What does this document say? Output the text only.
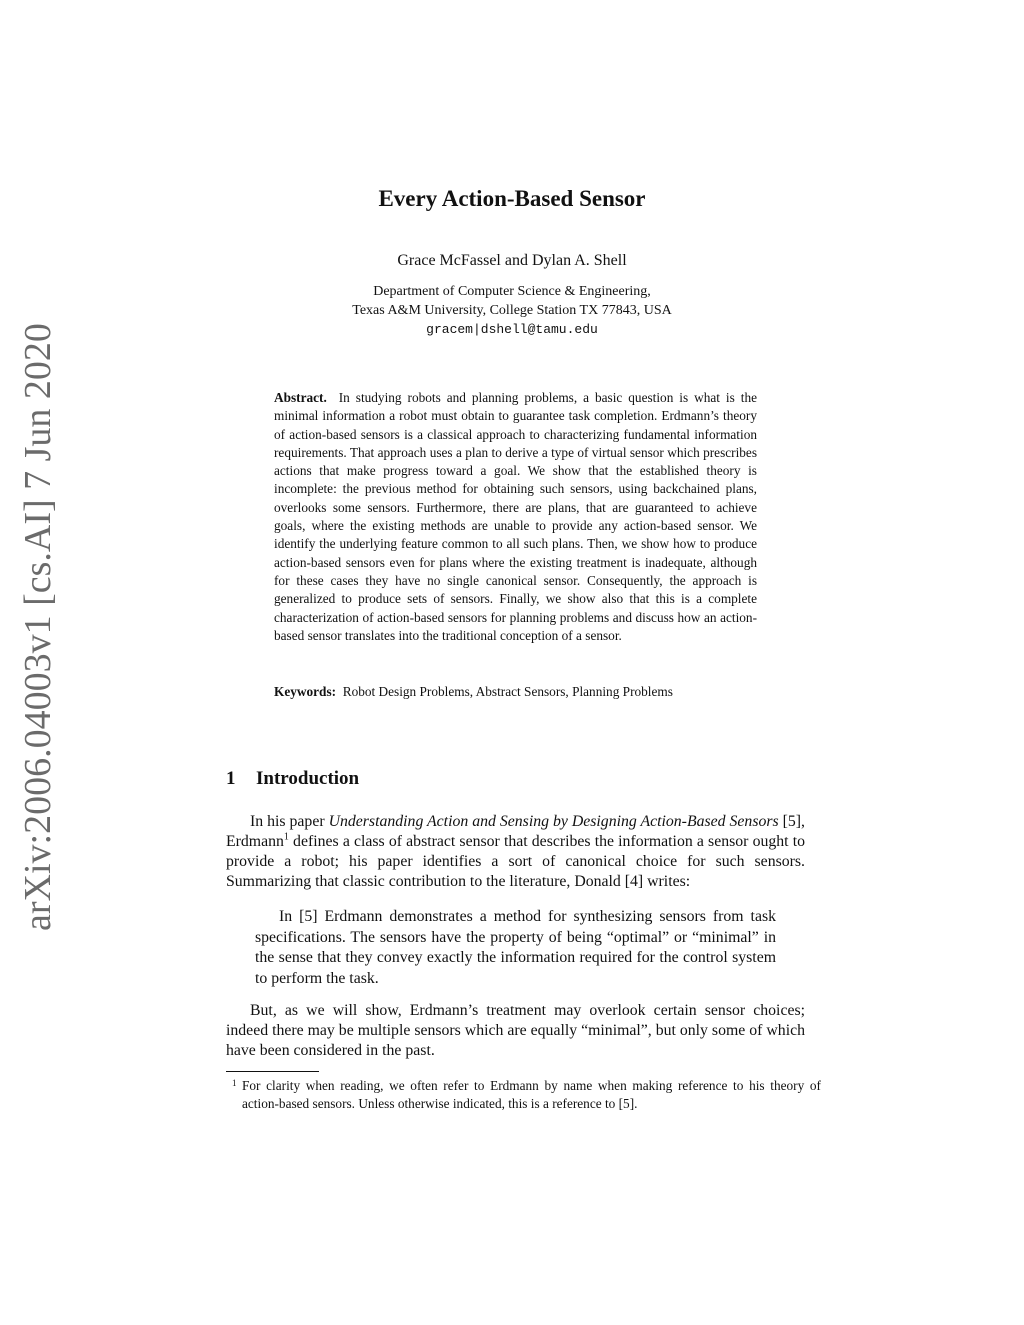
arXiv:2006.04003v1 [cs.AI] 7 Jun 2020
Every Action-Based Sensor
Grace McFassel and Dylan A. Shell
Department of Computer Science & Engineering,
Texas A&M University, College Station TX 77843, USA
gracem|dshell@tamu.edu

Abstract. In studying robots and planning problems, a basic question is what is the minimal information a robot must obtain to guarantee task completion. Erdmann’s theory of action-based sensors is a classical approach to characterizing fundamental information requirements. That approach uses a plan to derive a type of virtual sensor which prescribes actions that make progress toward a goal. We show that the established theory is incomplete: the previous method for obtaining such sensors, using backchained plans, overlooks some sensors. Furthermore, there are plans, that are guaranteed to achieve goals, where the existing methods are unable to provide any action-based sensor. We identify the underlying feature common to all such plans. Then, we show how to produce action-based sensors even for plans where the existing treatment is inadequate, although for these cases they have no single canonical sensor. Consequently, the approach is generalized to produce sets of sensors. Finally, we show also that this is a complete characterization of action-based sensors for planning problems and discuss how an action-based sensor translates into the traditional conception of a sensor.

Keywords: Robot Design Problems, Abstract Sensors, Planning Problems

1 Introduction

In his paper Understanding Action and Sensing by Designing Action-Based Sensors [5], Erdmann$^1$ defines a class of abstract sensor that describes the information a sensor ought to provide a robot; his paper identifies a sort of canonical choice for such sensors. Summarizing that classic contribution to the literature, Donald [4] writes:

In [5] Erdmann demonstrates a method for synthesizing sensors from task specifications. The sensors have the property of being “optimal” or “minimal” in the sense that they convey exactly the information required for the control system to perform the task.

But, as we will show, Erdmann’s treatment may overlook certain sensor choices; indeed there may be multiple sensors which are equally “minimal”, but only some of which have been considered in the past.

1 For clarity when reading, we often refer to Erdmann by name when making reference to his theory of action-based sensors. Unless otherwise indicated, this is a reference to [5].
